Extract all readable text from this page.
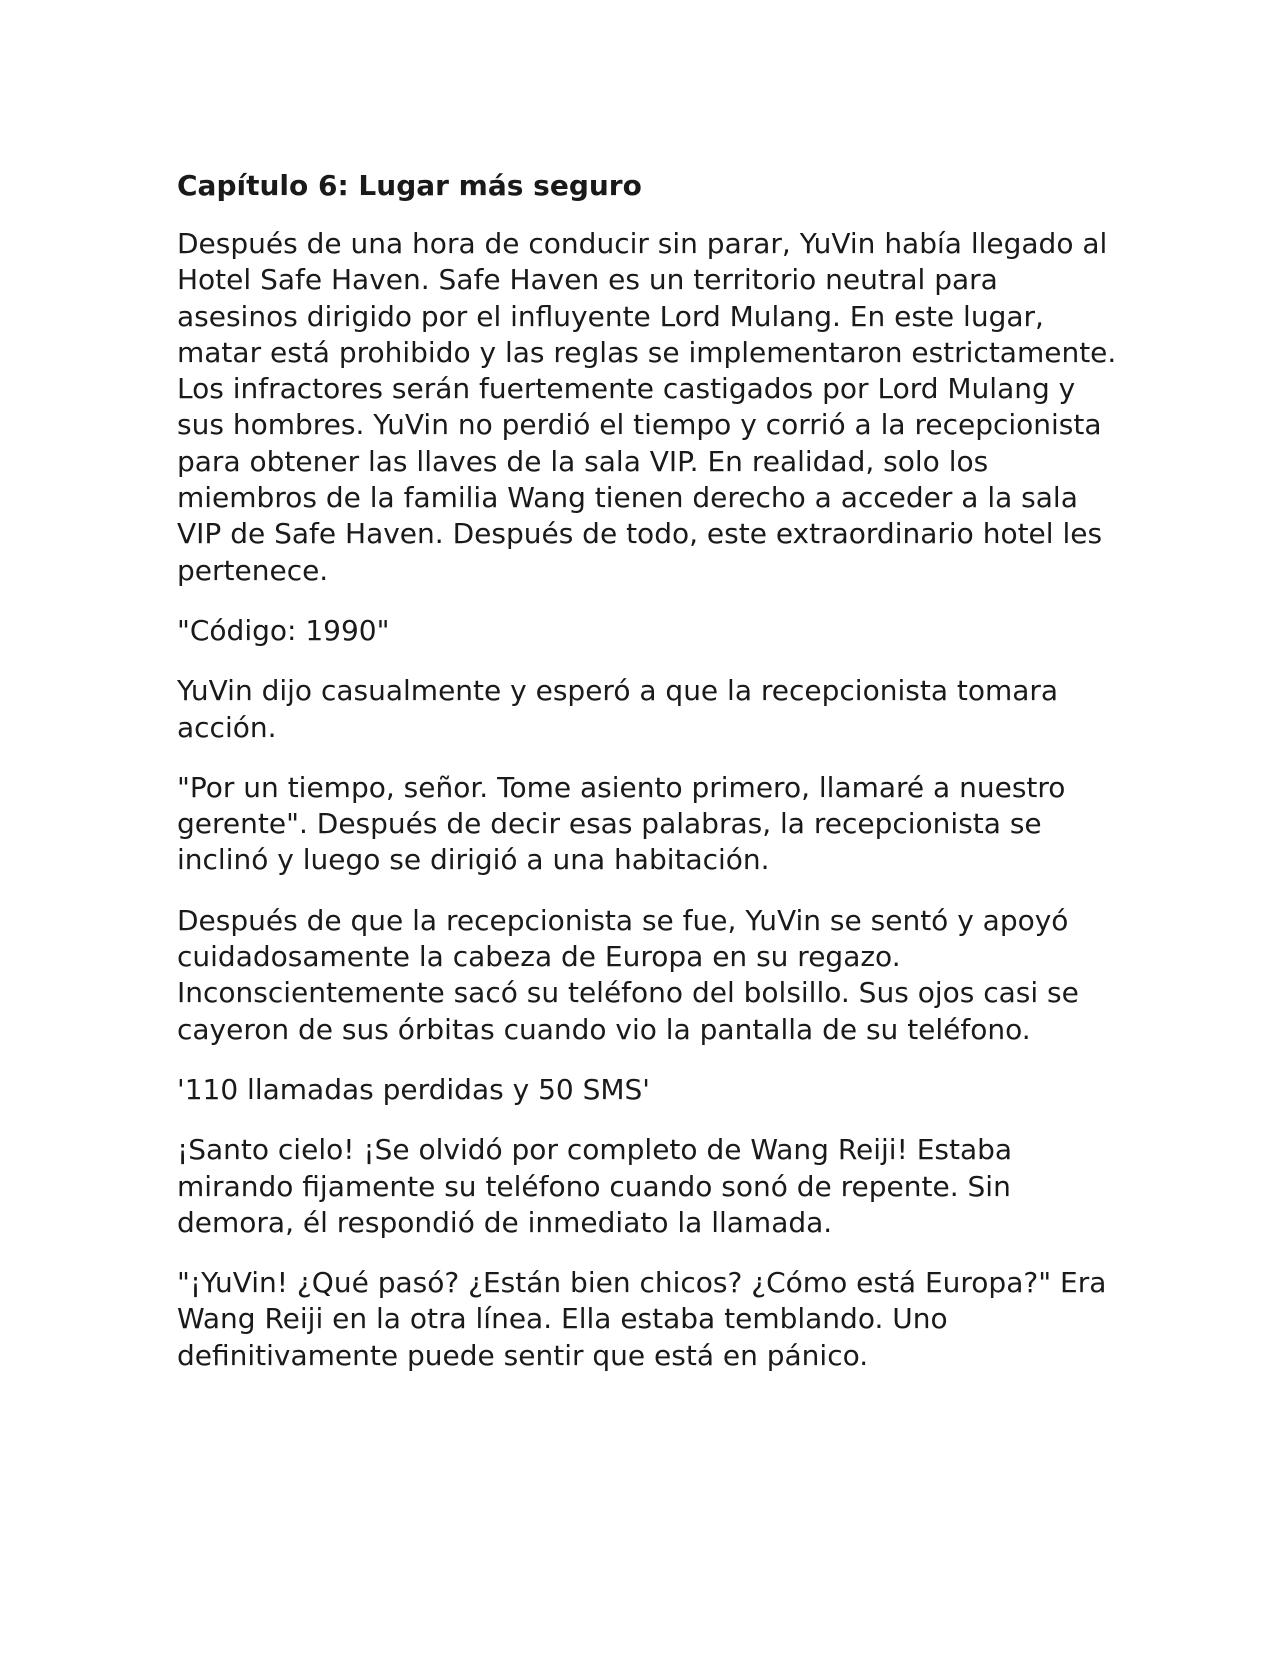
Capítulo 6: Lugar más seguro

Después de una hora de conducir sin parar, YuVin había llegado al Hotel Safe Haven. Safe Haven es un territorio neutral para asesinos dirigido por el influyente Lord Mulang. En este lugar, matar está prohibido y las reglas se implementaron estrictamente. Los infractores serán fuertemente castigados por Lord Mulang y sus hombres. YuVin no perdió el tiempo y corrió a la recepcionista para obtener las llaves de la sala VIP. En realidad, solo los miembros de la familia Wang tienen derecho a acceder a la sala VIP de Safe Haven. Después de todo, este extraordinario hotel les pertenece.

"Código: 1990"

YuVin dijo casualmente y esperó a que la recepcionista tomara acción.

"Por un tiempo, señor. Tome asiento primero, llamaré a nuestro gerente". Después de decir esas palabras, la recepcionista se inclinó y luego se dirigió a una habitación.

Después de que la recepcionista se fue, YuVin se sentó y apoyó cuidadosamente la cabeza de Europa en su regazo. Inconscientemente sacó su teléfono del bolsillo. Sus ojos casi se cayeron de sus órbitas cuando vio la pantalla de su teléfono.

'110 llamadas perdidas y 50 SMS'

¡Santo cielo! ¡Se olvidó por completo de Wang Reiji! Estaba mirando fijamente su teléfono cuando sonó de repente. Sin demora, él respondió de inmediato la llamada.

"¡YuVin! ¿Qué pasó? ¿Están bien chicos? ¿Cómo está Europa?" Era Wang Reiji en la otra línea. Ella estaba temblando. Uno definitivamente puede sentir que está en pánico.
